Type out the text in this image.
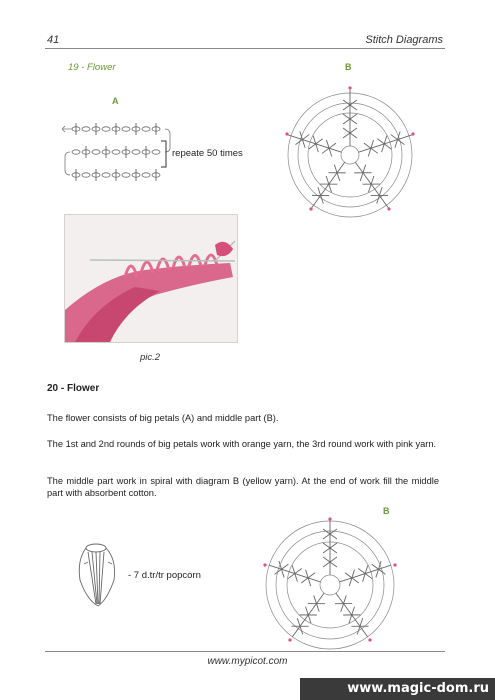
41	Stitch Diagrams
19 - Flower	B
A
repeate 50 times
pic.2
20 - Flower

The flower consists of big petals (A) and middle part (B).

The 1st and 2nd rounds of big petals work with orange yarn, the 3rd round work with pink yarn.

The middle part work in spiral with diagram B (yellow yarn). At the end of work fill the middle part with absorbent cotton.

- 7 d.tr/tr popcorn
B
www.mypicot.com
www.magic-dom.ru
